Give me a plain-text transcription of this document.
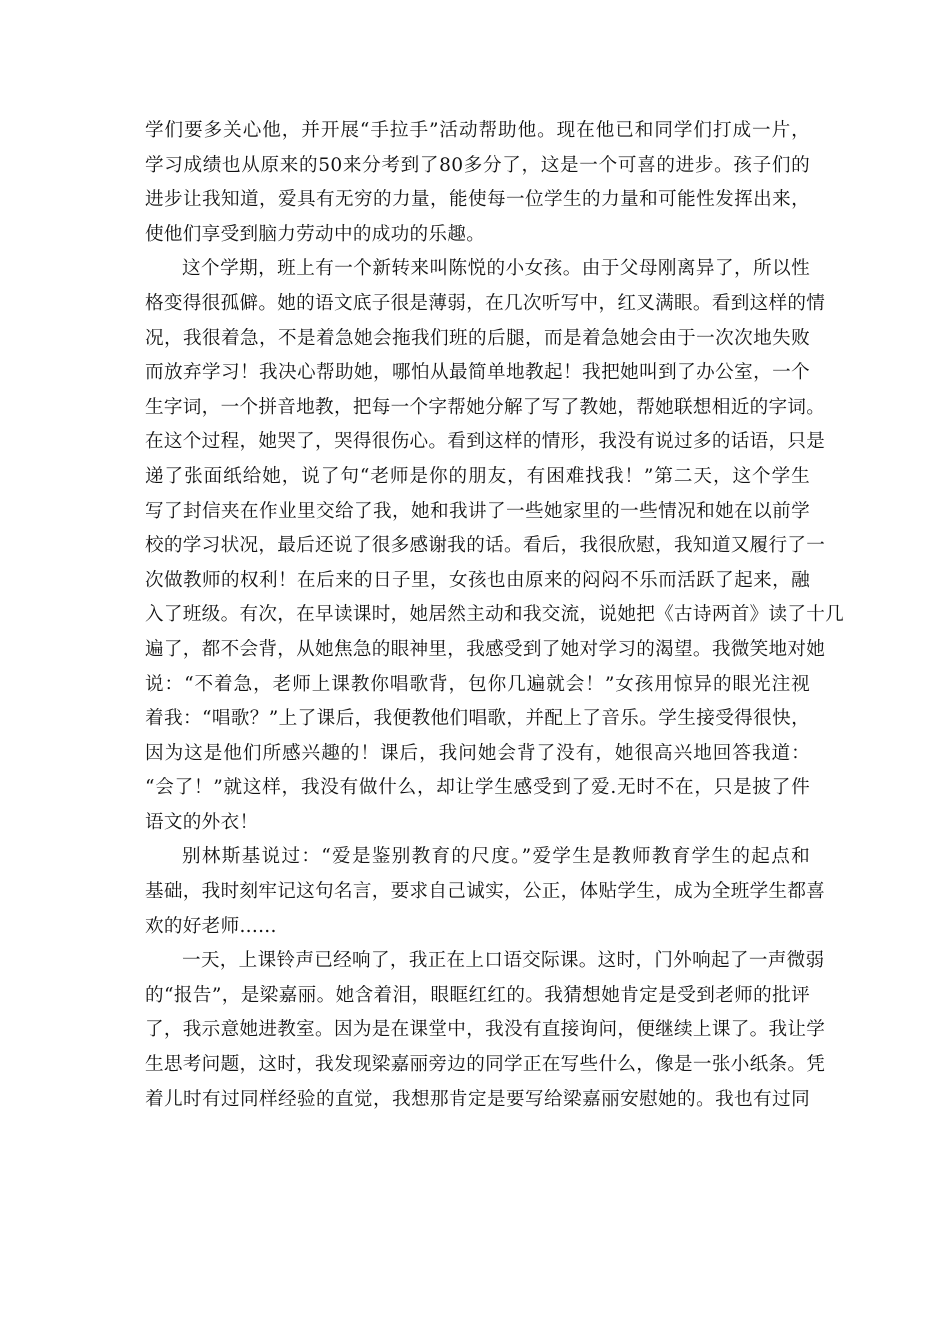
学们要多关心他，并开展“手拉手”活动帮助他。现在他已和同学们打成一片，
学习成绩也从原来的50来分考到了80多分了，这是一个可喜的进步。孩子们的
进步让我知道，爱具有无穷的力量，能使每一位学生的力量和可能性发挥出来，
使他们享受到脑力劳动中的成功的乐趣。
这个学期，班上有一个新转来叫陈悦的小女孩。由于父母刚离异了，所以性
格变得很孤僻。她的语文底子很是薄弱，在几次听写中，红叉满眼。看到这样的情
况，我很着急，不是着急她会拖我们班的后腿，而是着急她会由于一次次地失败
而放弃学习！我决心帮助她，哪怕从最简单地教起！我把她叫到了办公室，一个
生字词，一个拼音地教，把每一个字帮她分解了写了教她，帮她联想相近的字词。
在这个过程，她哭了，哭得很伤心。看到这样的情形，我没有说过多的话语，只是
递了张面纸给她，说了句“老师是你的朋友，有困难找我！”第二天，这个学生
写了封信夹在作业里交给了我，她和我讲了一些她家里的一些情况和她在以前学
校的学习状况，最后还说了很多感谢我的话。看后，我很欣慰，我知道又履行了一
次做教师的权利！在后来的日子里，女孩也由原来的闷闷不乐而活跃了起来，融
入了班级。有次，在早读课时，她居然主动和我交流，说她把《古诗两首》读了十几
遍了，都不会背，从她焦急的眼神里，我感受到了她对学习的渴望。我微笑地对她
说：“不着急，老师上课教你唱歌背，包你几遍就会！”女孩用惊异的眼光注视
着我：“唱歌？”上了课后，我便教他们唱歌，并配上了音乐。学生接受得很快，
因为这是他们所感兴趣的！课后，我问她会背了没有，她很高兴地回答我道：
“会了！”就这样，我没有做什么，却让学生感受到了爱.无时不在，只是披了件
语文的外衣！
别林斯基说过：“爱是鉴别教育的尺度。”爱学生是教师教育学生的起点和
基础，我时刻牢记这句名言，要求自己诚实，公正，体贴学生，成为全班学生都喜
欢的好老师......
一天，上课铃声已经响了，我正在上口语交际课。这时，门外响起了一声微弱
的“报告”，是梁嘉丽。她含着泪，眼眶红红的。我猜想她肯定是受到老师的批评
了，我示意她进教室。因为是在课堂中，我没有直接询问，便继续上课了。我让学
生思考问题，这时，我发现梁嘉丽旁边的同学正在写些什么，像是一张小纸条。凭
着儿时有过同样经验的直觉，我想那肯定是要写给梁嘉丽安慰她的。我也有过同
